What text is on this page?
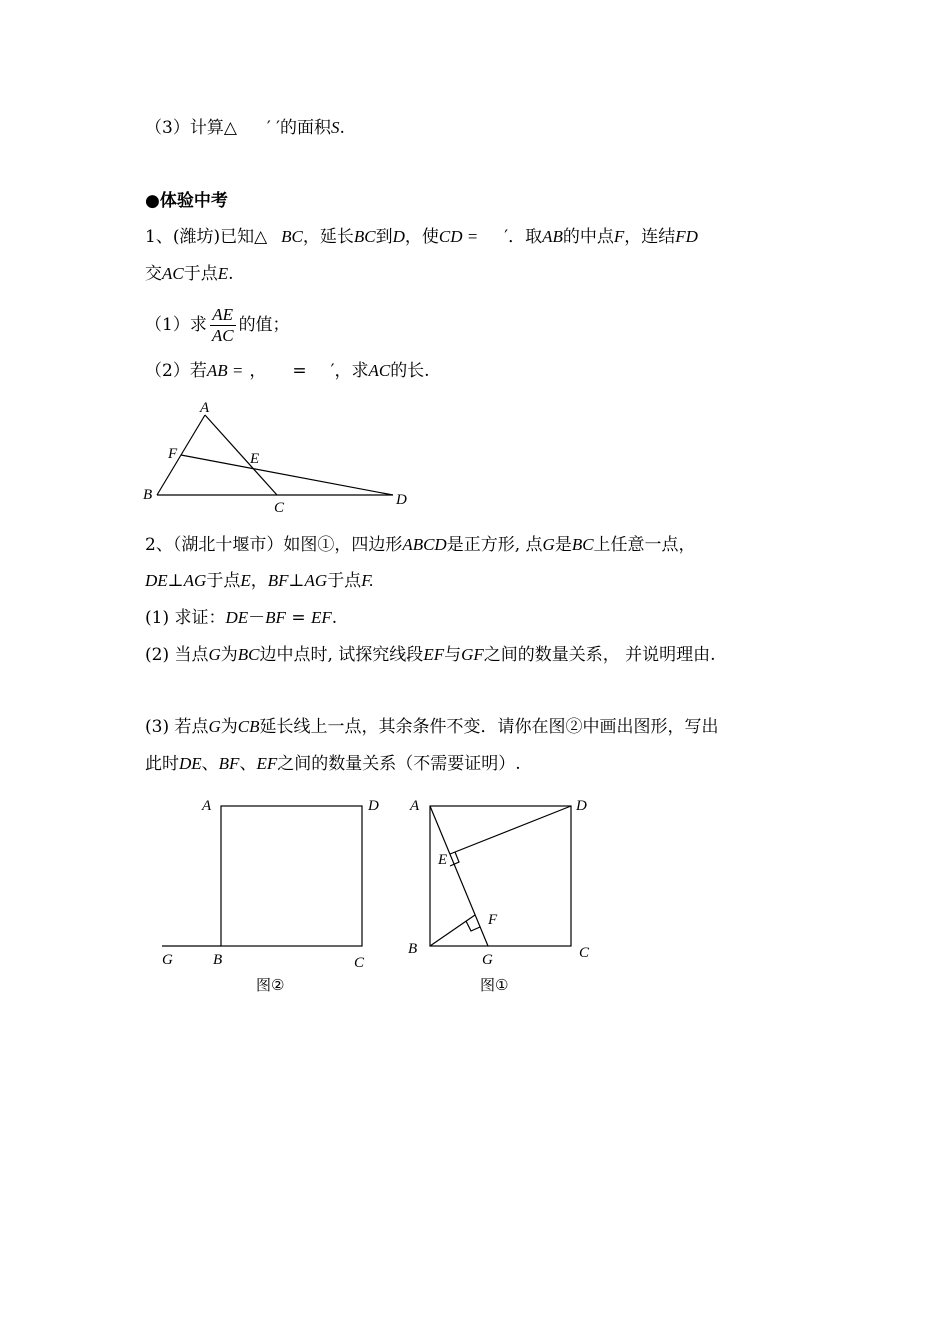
（3）计算△ ′ ′的面积S.
●体验中考
1、(潍坊)已知△ BC，延长BC到D，使CD = ′．取AB的中点F，连结FD
交AC于点E.
（1）求 $\frac{AE}{AC}$ 的值；
（2）若AB = ， = ′，求AC的长.
A
B
C	D
E
F
2、（湖北十堰市）如图①，四边形ABCD是正方形, 点G是BC上任意一点，
DE⊥AG于点E，BF⊥AG于点F.
(1) 求证：DE－BF = EF.
(2) 当点G为BC边中点时, 试探究线段EF与GF之间的数量关系， 并说明理由.
(3) 若点G为CB延长线上一点，其余条件不变．请你在图②中画出图形，写出
此时DE、BF、EF之间的数量关系（不需要证明）.
A	D
G	B	C
图②
A	D
E
F
B
G	C
图①
